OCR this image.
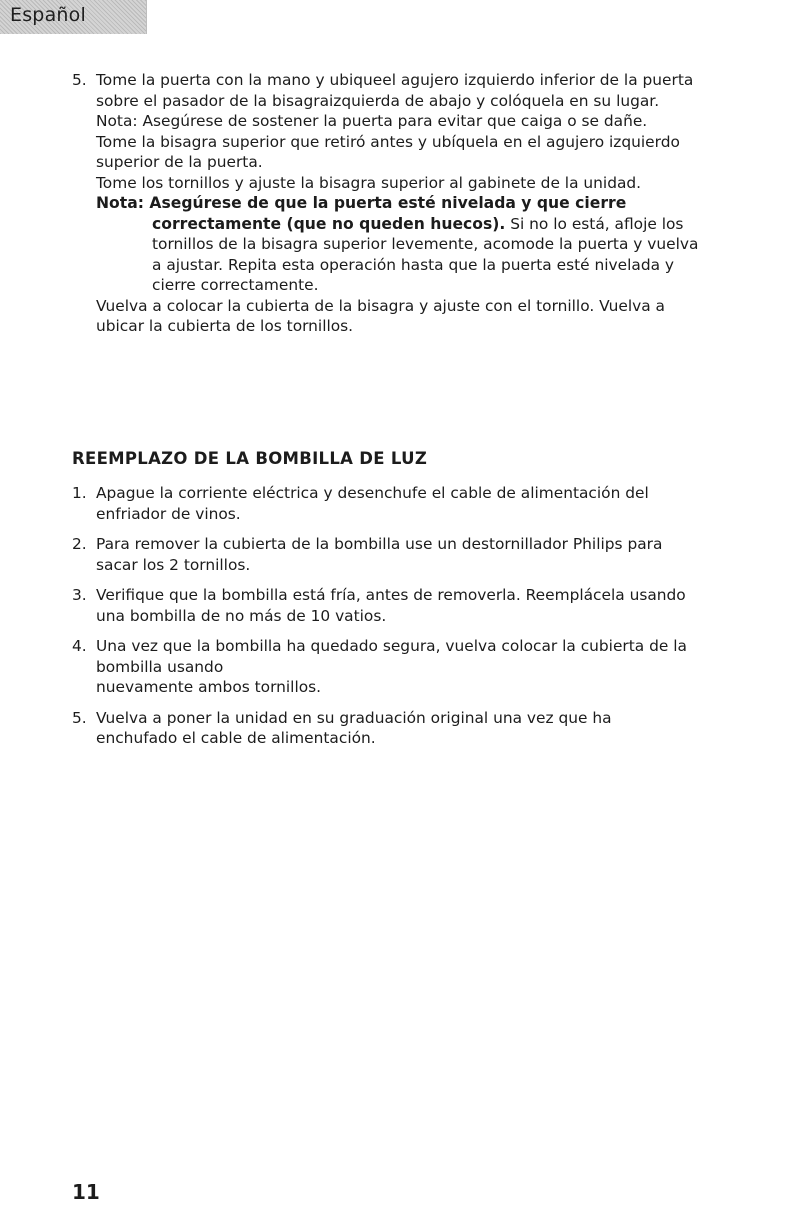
Español
5. Tome la puerta con la mano y ubiqueel agujero izquierdo inferior de la puerta
sobre el pasador de la bisagraizquierda de abajo y colóquela en su lugar.
Nota: Asegúrese de sostener la puerta para evitar que caiga o se dañe.
Tome la bisagra superior que retiró antes y ubíquela en el agujero izquierdo
superior de la puerta.
Tome los tornillos y ajuste la bisagra superior al gabinete de la unidad.
Nota: Asegúrese de que la puerta esté nivelada y que cierre
correctamente (que no queden huecos). Si no lo está, afloje los
tornillos de la bisagra superior levemente, acomode la puerta y vuelva
a ajustar. Repita esta operación hasta que la puerta esté nivelada y
cierre correctamente.
Vuelva a colocar la cubierta de la bisagra y ajuste con el tornillo. Vuelva a
ubicar la cubierta de los tornillos.
REEMPLAZO DE LA BOMBILLA DE LUZ
1. Apague la corriente eléctrica y desenchufe el cable de alimentación del
enfriador de vinos.
2. Para remover la cubierta de la bombilla use un destornillador Philips para
sacar los 2 tornillos.
3. Verifique que la bombilla está fría, antes de removerla. Reemplácela usando
una bombilla de no más de 10 vatios.
4. Una vez que la bombilla ha quedado segura, vuelva colocar la cubierta de la
bombilla usando
nuevamente ambos tornillos.
5. Vuelva a poner la unidad en su graduación original una vez que ha
enchufado el cable de alimentación.
11
